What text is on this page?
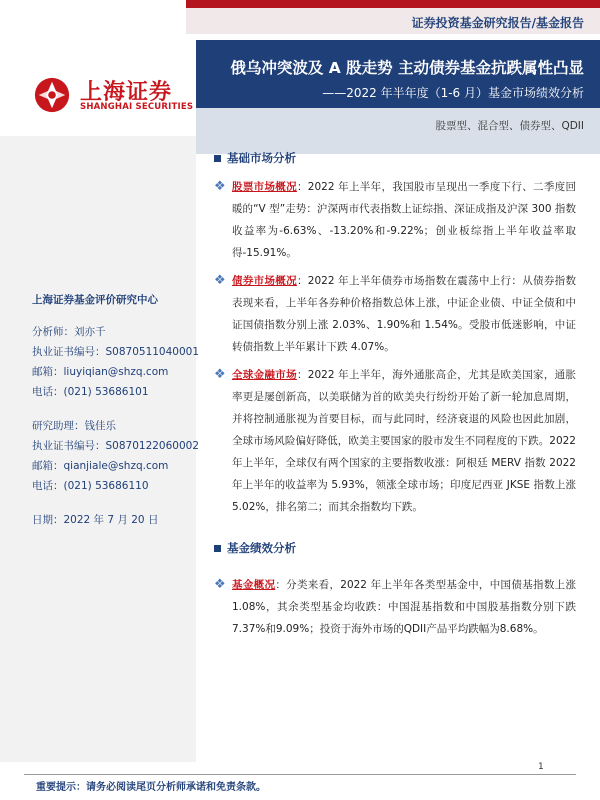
证券投资基金研究报告/基金报告
上海证券
SHANGHAI SECURITIES
俄乌冲突波及 A 股走势 主动债券基金抗跌属性凸显
——2022 年半年度（1-6 月）基金市场绩效分析
股票型、混合型、债券型、QDII
上海证券基金评价研究中心
分析师：刘亦千
执业证书编号：S0870511040001
邮箱：liuyiqian@shzq.com
电话：(021) 53686101
研究助理：钱佳乐
执业证书编号：S0870122060002
邮箱：qianjiale@shzq.com
电话：(021) 53686110
日期：2022 年 7 月 20 日
基础市场分析
❖ 股票市场概况：2022 年上半年，我国股市呈现出一季度下行、二季度回暖的“V 型”走势：沪深两市代表指数上证综指、深证成指及沪深 300 指数收益率为-6.63%、-13.20%和-9.22%；创业板综指上半年收益率取得-15.91%。
❖ 债券市场概况：2022 年上半年债券市场指数在震荡中上行：从债券指数表现来看，上半年各券种价格指数总体上涨，中证企业债、中证全债和中证国债指数分别上涨 2.03%、1.90%和 1.54%。受股市低迷影响，中证转债指数上半年累计下跌 4.07%。
❖ 全球金融市场：2022 年上半年，海外通胀高企，尤其是欧美国家，通胀率更是屡创新高，以美联储为首的欧美央行纷纷开始了新一轮加息周期，并将控制通胀视为首要目标，而与此同时，经济衰退的风险也因此加剧，全球市场风险偏好降低，欧美主要国家的股市发生不同程度的下跌。2022 年上半年，全球仅有两个国家的主要指数收涨：阿根廷 MERV 指数 2022 年上半年的收益率为 5.93%，领涨全球市场；印度尼西亚 JKSE 指数上涨 5.02%，排名第二；而其余指数均下跌。
基金绩效分析
❖ 基金概况：分类来看，2022 年上半年各类型基金中，中国债基指数上涨1.08%，其余类型基金均收跌：中国混基指数和中国股基指数分别下跌7.37%和9.09%；投资于海外市场的QDII产品平均跌幅为8.68%。
1
重要提示：请务必阅读尾页分析师承诺和免责条款。
